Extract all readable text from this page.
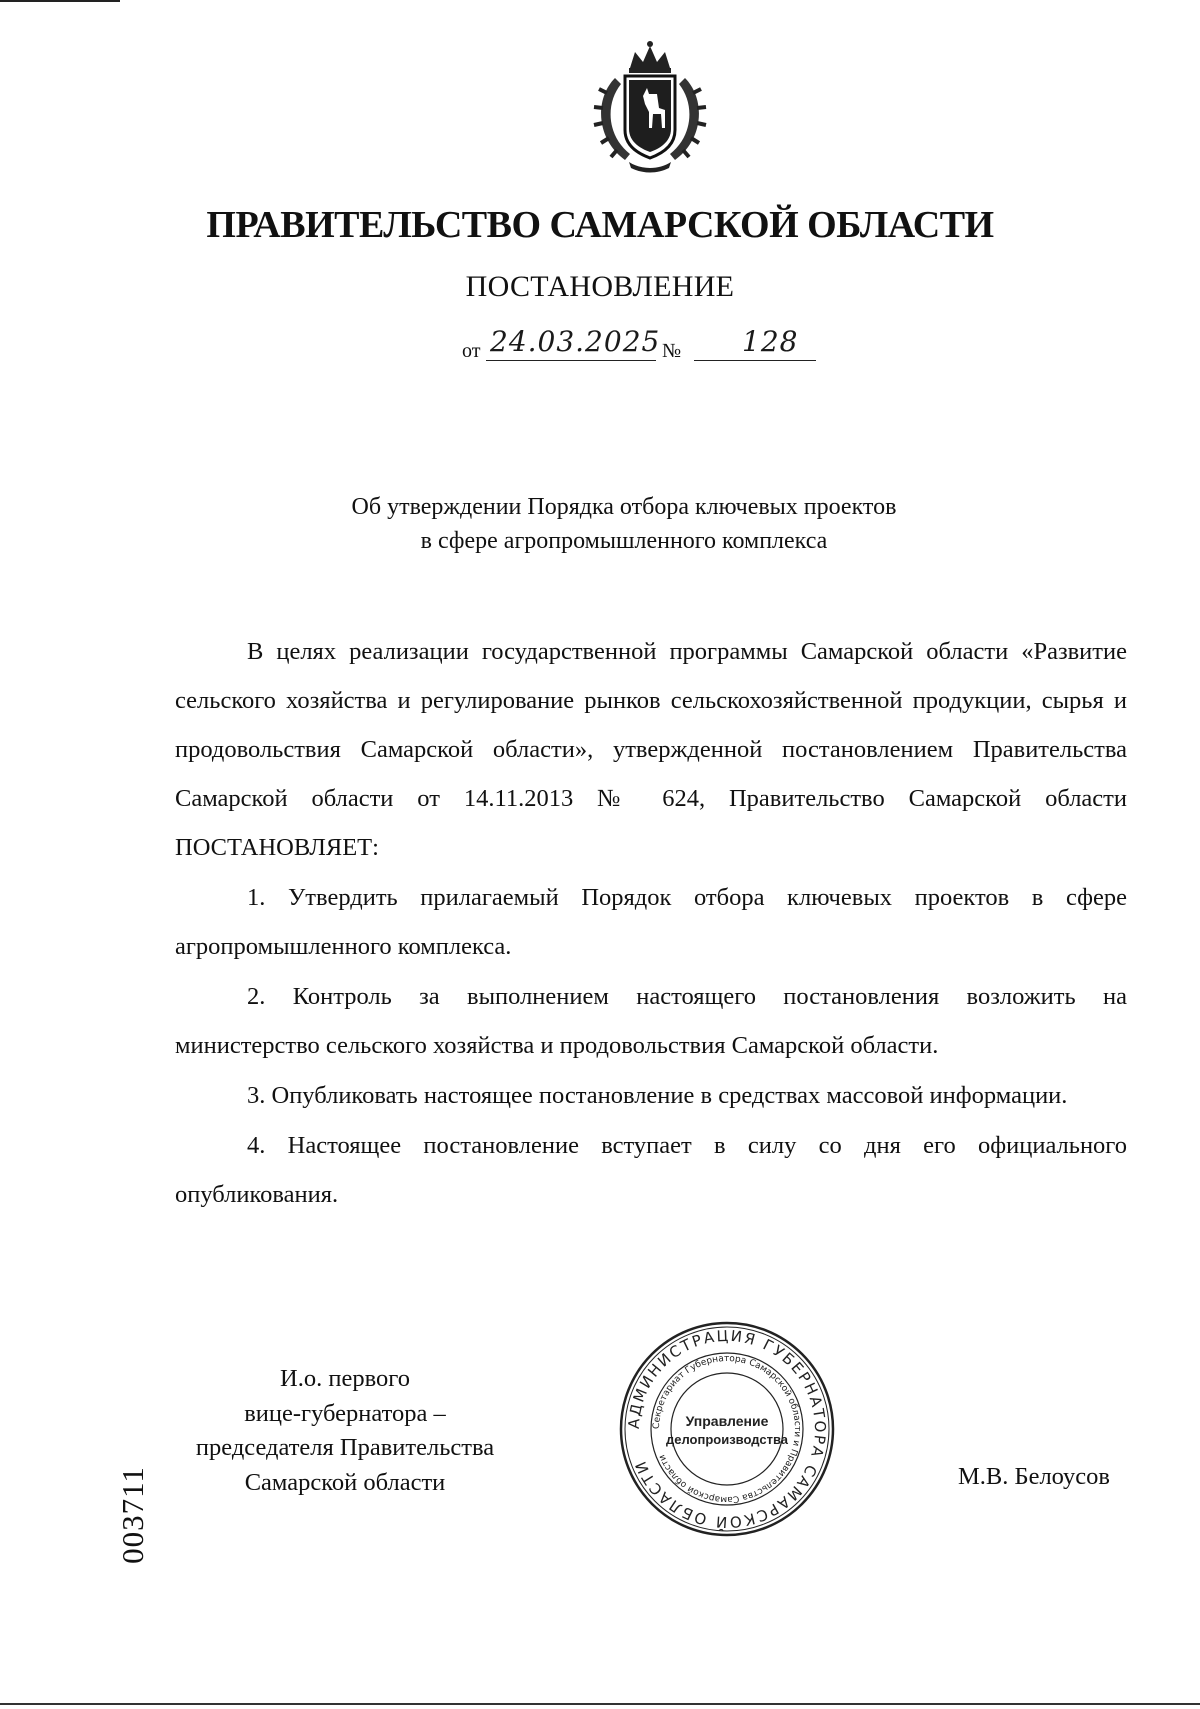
ПРАВИТЕЛЬСТВО САМАРСКОЙ ОБЛАСТИ
ПОСТАНОВЛЕНИЕ
от 24.03.2025 № 128
Об утверждении Порядка отбора ключевых проектов
в сфере агропромышленного комплекса

В целях реализации государственной программы Самарской области «Развитие сельского хозяйства и регулирование рынков сельскохозяйственной продукции, сырья и продовольствия Самарской области», утвержденной постановлением Правительства Самарской области от 14.11.2013 № 624, Правительство Самарской области ПОСТАНОВЛЯЕТ:

1. Утвердить прилагаемый Порядок отбора ключевых проектов в сфере агропромышленного комплекса.

2. Контроль за выполнением настоящего постановления возложить на министерство сельского хозяйства и продовольствия Самарской области.

3. Опубликовать настоящее постановление в средствах массовой информации.

4. Настоящее постановление вступает в силу со дня его официального опубликования.

И.о. первого
вице-губернатора –
председателя Правительства
Самарской области
АДМИНИСТРАЦИЯ ГУБЕРНАТОРА САМАРСКОЙ ОБЛАСТИ
Секретариат Губернатора Самарской области и Правительства Самарской области
Управление
делопроизводства
М.В. Белоусов
003711
